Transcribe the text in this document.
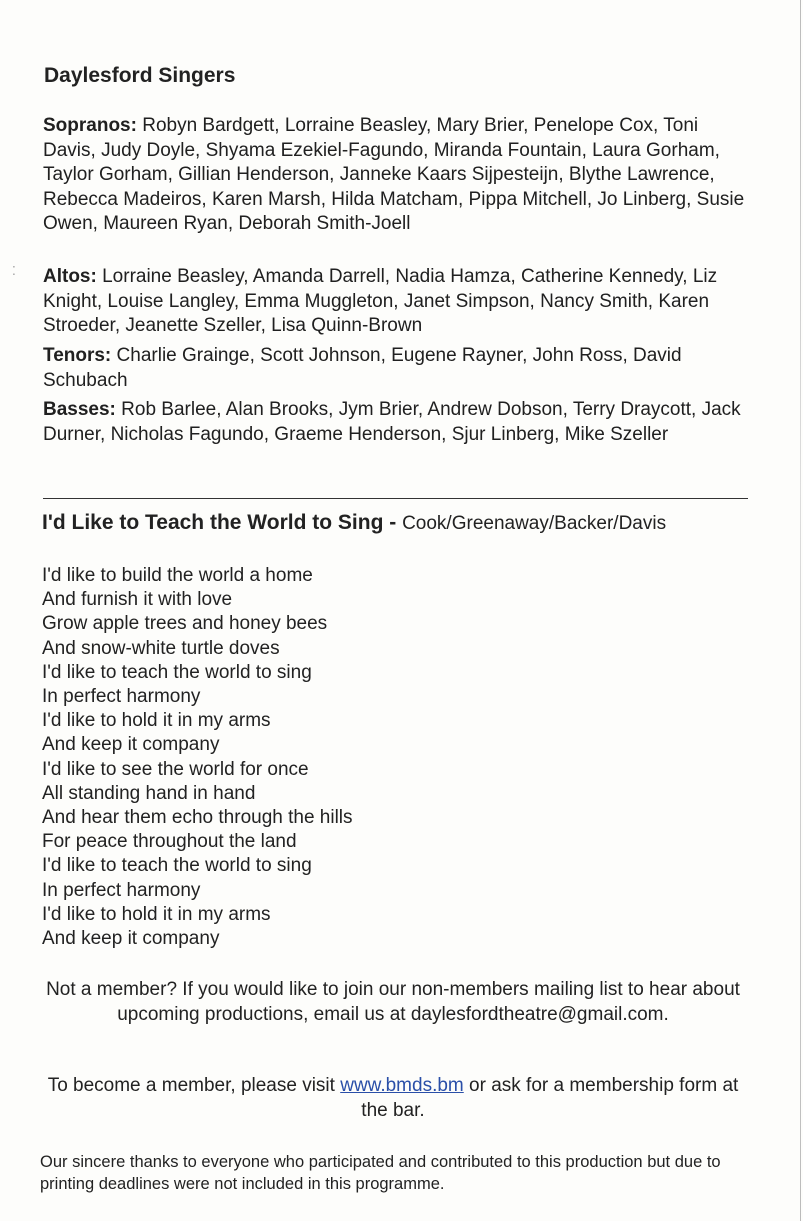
⁚
Daylesford Singers
Sopranos: Robyn Bardgett, Lorraine Beasley, Mary Brier, Penelope Cox, Toni Davis, Judy Doyle, Shyama Ezekiel-Fagundo, Miranda Fountain, Laura Gorham, Taylor Gorham, Gillian Henderson, Janneke Kaars Sijpesteijn, Blythe Lawrence, Rebecca Madeiros, Karen Marsh, Hilda Matcham, Pippa Mitchell, Jo Linberg, Susie Owen, Maureen Ryan, Deborah Smith-Joell
Altos: Lorraine Beasley, Amanda Darrell, Nadia Hamza, Catherine Kennedy, Liz Knight, Louise Langley, Emma Muggleton, Janet Simpson, Nancy Smith, Karen Stroeder, Jeanette Szeller, Lisa Quinn-Brown
Tenors: Charlie Grainge, Scott Johnson, Eugene Rayner, John Ross, David Schubach
Basses: Rob Barlee, Alan Brooks, Jym Brier, Andrew Dobson, Terry Draycott, Jack Durner, Nicholas Fagundo, Graeme Henderson, Sjur Linberg, Mike Szeller
I'd Like to Teach the World to Sing - Cook/Greenaway/Backer/Davis
I'd like to build the world a home
And furnish it with love
Grow apple trees and honey bees
And snow-white turtle doves
I'd like to teach the world to sing
In perfect harmony
I'd like to hold it in my arms
And keep it company
I'd like to see the world for once
All standing hand in hand
And hear them echo through the hills
For peace throughout the land
I'd like to teach the world to sing
In perfect harmony
I'd like to hold it in my arms
And keep it company
Not a member? If you would like to join our non-members mailing list to hear about upcoming productions, email us at daylesfordtheatre@gmail.com.
To become a member, please visit www.bmds.bm or ask for a membership form at the bar.
Our sincere thanks to everyone who participated and contributed to this production but due to printing deadlines were not included in this programme.
